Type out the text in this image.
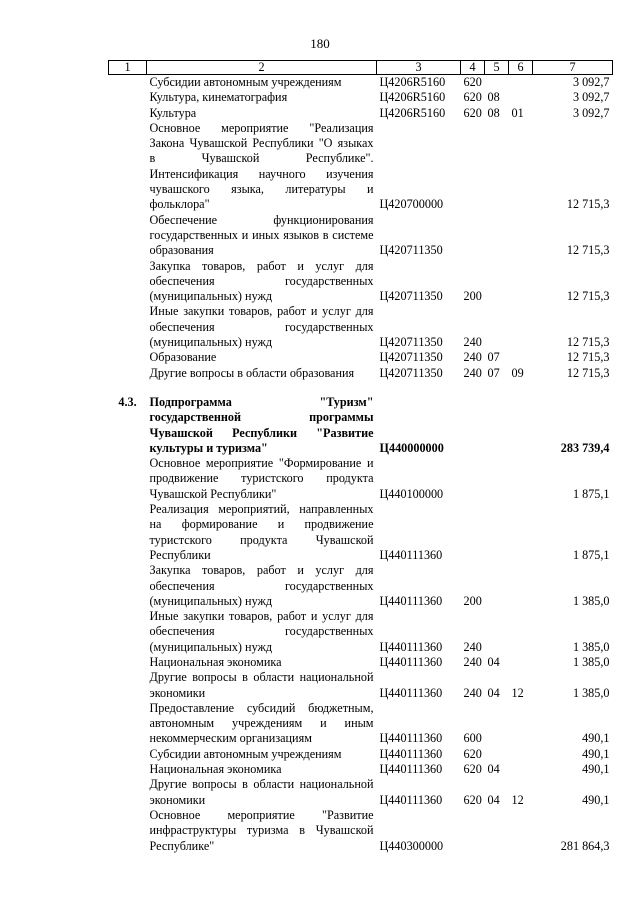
180
1	2	3	4	5	6	7
	Субсидии автономным учреждениям	Ц4206R5160	620			3 092,7
	Культура, кинематография	Ц4206R5160	620	08		3 092,7
	Культура	Ц4206R5160	620	08	01	3 092,7
	Основное мероприятие "Реализация Закона Чувашской Республики "О языках в Чувашской Республике". Интенсификация научного изучения чувашского языка, литературы и фольклора"	Ц420700000				12 715,3
	Обеспечение функционирования государственных и иных языков в системе образования	Ц420711350				12 715,3
	Закупка товаров, работ и услуг для обеспечения государственных (муниципальных) нужд	Ц420711350	200			12 715,3
	Иные закупки товаров, работ и услуг для обеспечения государственных (муниципальных) нужд	Ц420711350	240			12 715,3
	Образование	Ц420711350	240	07		12 715,3
	Другие вопросы в области образования	Ц420711350	240	07	09	12 715,3

4.3.	Подпрограмма "Туризм" государственной программы Чувашской Республики "Развитие культуры и туризма"	Ц440000000				283 739,4
	Основное мероприятие "Формирование и продвижение туристского продукта Чувашской Республики"	Ц440100000				1 875,1
	Реализация мероприятий, направленных на формирование и продвижение туристского продукта Чувашской Республики	Ц440111360				1 875,1
	Закупка товаров, работ и услуг для обеспечения государственных (муниципальных) нужд	Ц440111360	200			1 385,0
	Иные закупки товаров, работ и услуг для обеспечения государственных (муниципальных) нужд	Ц440111360	240			1 385,0
	Национальная экономика	Ц440111360	240	04		1 385,0
	Другие вопросы в области национальной экономики	Ц440111360	240	04	12	1 385,0
	Предоставление субсидий бюджетным, автономным учреждениям и иным некоммерческим организациям	Ц440111360	600			490,1
	Субсидии автономным учреждениям	Ц440111360	620			490,1
	Национальная экономика	Ц440111360	620	04		490,1
	Другие вопросы в области национальной экономики	Ц440111360	620	04	12	490,1
	Основное мероприятие "Развитие инфраструктуры туризма в Чувашской Республике"	Ц440300000				281 864,3
